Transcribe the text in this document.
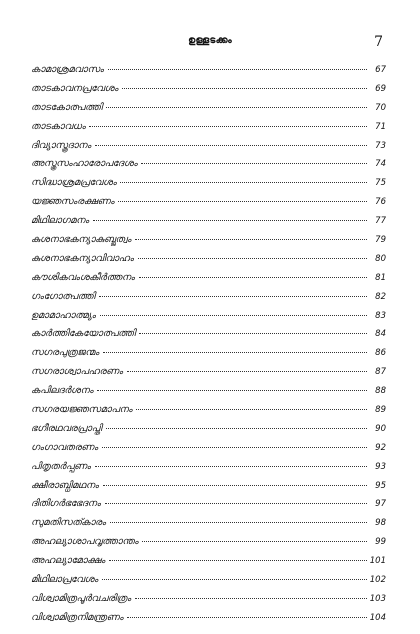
ഉള്ളടക്കം	7
കാമാശ്രമവാസം	67
താടകാവനപ്രവേശം	69
താടകോത്പത്തി	70
താടകാവധം	71
ദിവ്യാസ്ത്രദാനം	73
അസ്ത്രസംഹാരോപദേശം	74
സിദ്ധാശ്രമപ്രവേശം	75
യജ്ഞസംരക്ഷണം	76
മിഥിലാഗമനം	77
കുശനാഭകന്യാകുബ്ജത്വം	79
കുശനാഭകന്യാവിവാഹം	80
കൗശികവംശകീർത്തനം	81
ഗംഗോത്പത്തി	82
ഉമാമാഹാത്മ്യം	83
കാർത്തികേയോത്പത്തി	84
സഗരപുത്രജന്മം	86
സഗരാശ്വാപഹരണം	87
കപിലദർശനം	88
സഗരയജ്ഞസമാപനം	89
ഭഗീരഥവരപ്രാപ്തി	90
ഗംഗാവതരണം	92
പിതൃതർപ്പണം	93
ക്ഷീരാബ്ധിമഥനം	95
ദിതിഗർഭഭേദനം	97
സുമതിസത്കാരം	98
അഹല്യാശാപവൃത്താന്തം	99
അഹല്യാമോക്ഷം	101
മിഥിലാപ്രവേശം	102
വിശ്വാമിത്രപൂർവചരിത്രം	103
വിശ്വാമിത്രനിമന്ത്രണം	104
